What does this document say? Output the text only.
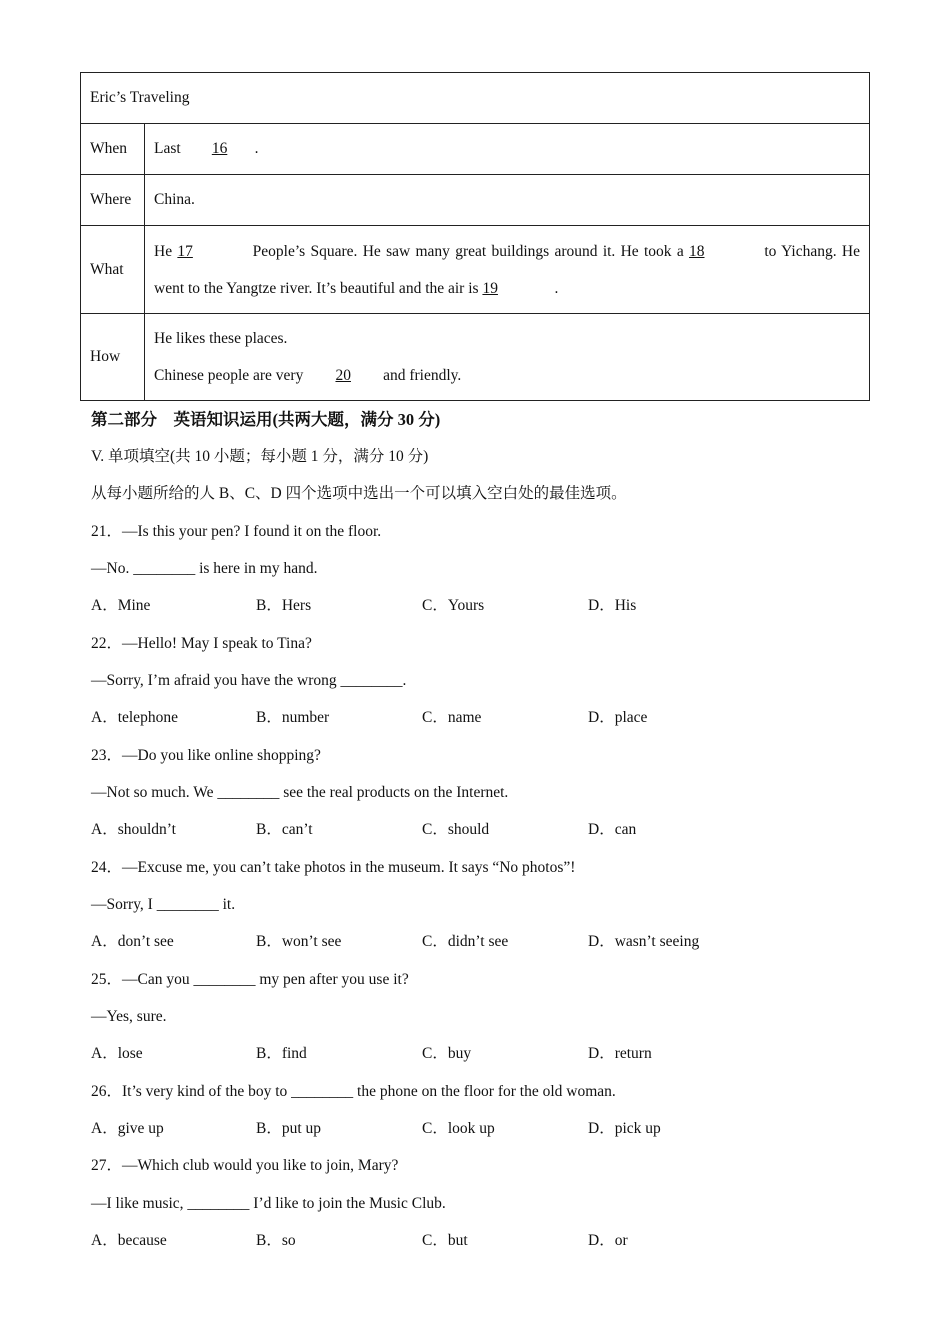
Eric’s Traveling	
When	Last 16 .
Where	China.
What	He 17 People’s Square. He saw many great buildings around it. He took a 18 to Yichang. He went to the Yangtze river. It’s beautiful and the air is 19 .

How	He likes these places.
Chinese people are very 20 and friendly.
第二部分　英语知识运用(共两大题，满分 30 分)
V. 单项填空(共 10 小题；每小题 1 分，满分 10 分)
从每小题所给的人 B、C、D 四个选项中选出一个可以填入空白处的最佳选项。
21．—Is this your pen? I found it on the floor.
—No. ________ is here in my hand.
A．Mine	B．Hers	C．Yours	D．His
22．—Hello! May I speak to Tina?
—Sorry, I’m afraid you have the wrong ________.
A．telephone	B．number	C．name	D．place
23．—Do you like online shopping?
—Not so much. We ________ see the real products on the Internet.
A．shouldn’t	B．can’t	C．should	D．can
24．—Excuse me, you can’t take photos in the museum. It says “No photos”!
—Sorry, I ________ it.
A．don’t see	B．won’t see	C．didn’t see	D．wasn’t seeing
25．—Can you ________ my pen after you use it?
—Yes, sure.
A．lose	B．find	C．buy	D．return
26．It’s very kind of the boy to ________ the phone on the floor for the old woman.
A．give up	B．put up	C．look up	D．pick up
27．—Which club would you like to join, Mary?
—I like music, ________ I’d like to join the Music Club.
A．because	B．so	C．but	D．or
